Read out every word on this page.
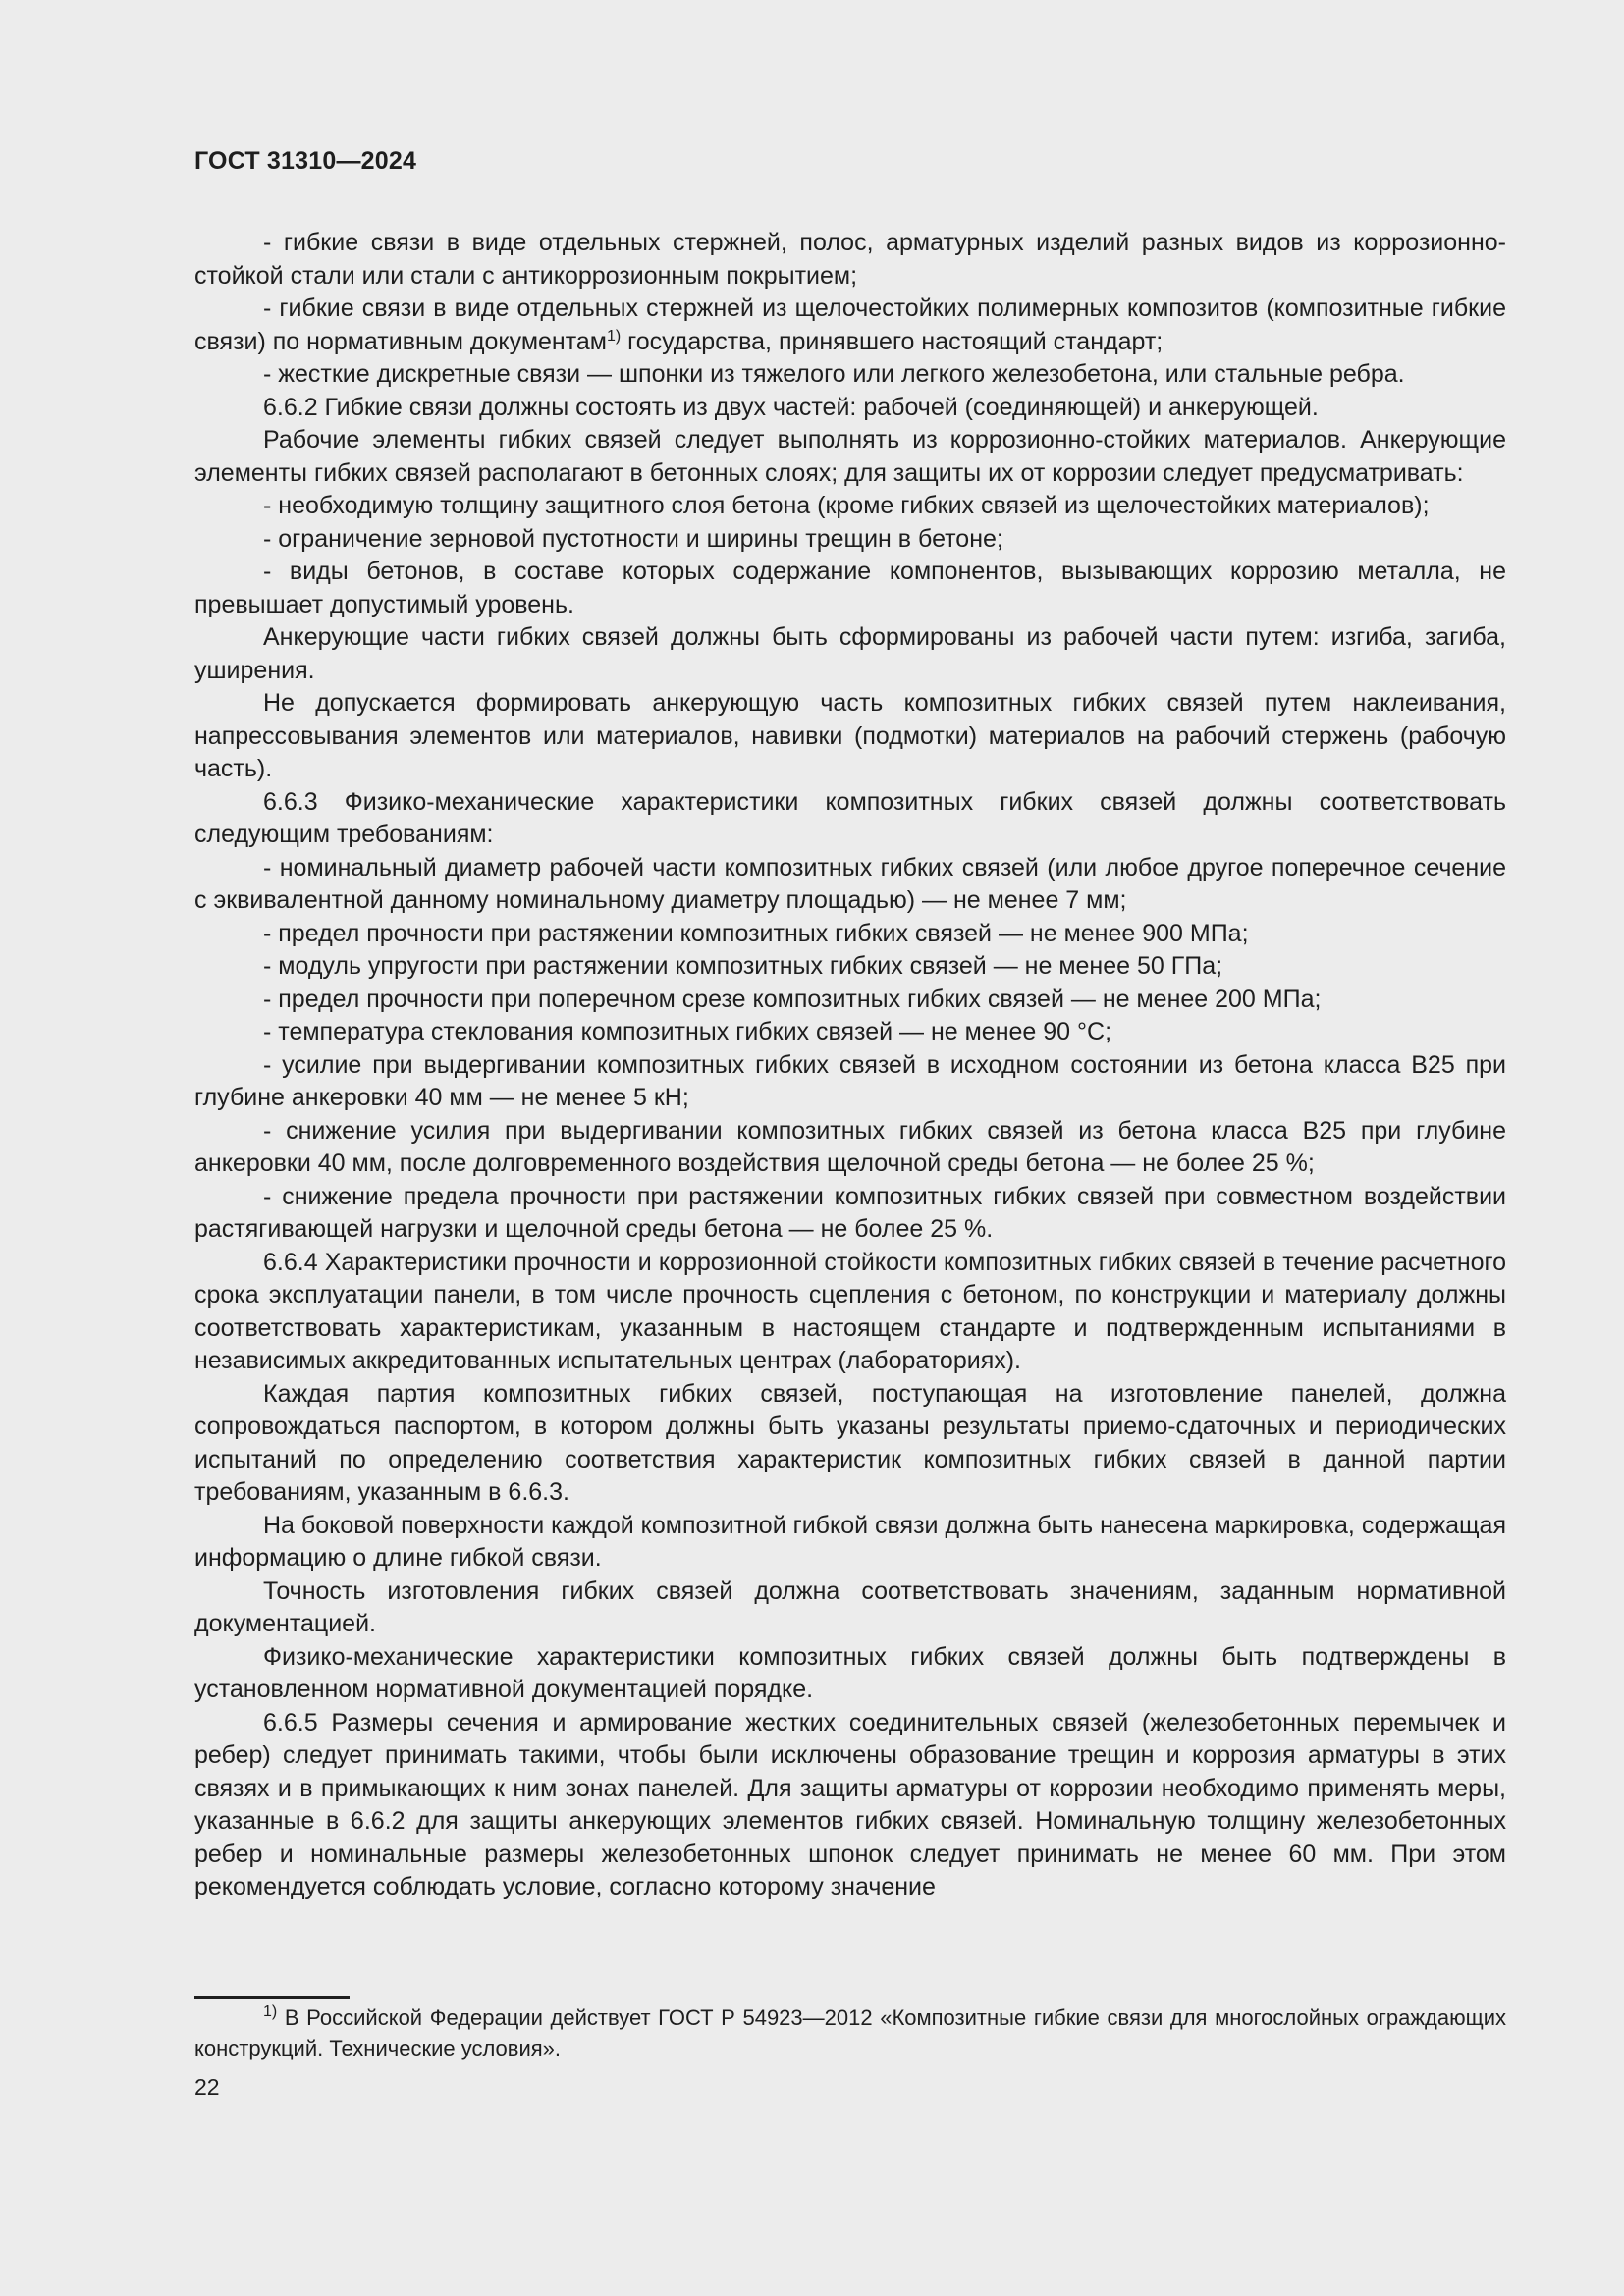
ГОСТ 31310—2024

- гибкие связи в виде отдельных стержней, полос, арматурных изделий разных видов из коррозионно-стойкой стали или стали с антикоррозионным покрытием;

- гибкие связи в виде отдельных стержней из щелочестойких полимерных композитов (композитные гибкие связи) по нормативным документам$^{1)}$ государства, принявшего настоящий стандарт;

- жесткие дискретные связи — шпонки из тяжелого или легкого железобетона, или стальные ребра.

6.6.2 Гибкие связи должны состоять из двух частей: рабочей (соединяющей) и анкерующей.

Рабочие элементы гибких связей следует выполнять из коррозионно-стойких материалов. Анкерующие элементы гибких связей располагают в бетонных слоях; для защиты их от коррозии следует предусматривать:

- необходимую толщину защитного слоя бетона (кроме гибких связей из щелочестойких материалов);

- ограничение зерновой пустотности и ширины трещин в бетоне;

- виды бетонов, в составе которых содержание компонентов, вызывающих коррозию металла, не превышает допустимый уровень.

Анкерующие части гибких связей должны быть сформированы из рабочей части путем: изгиба, загиба, уширения.

Не допускается формировать анкерующую часть композитных гибких связей путем наклеивания, напрессовывания элементов или материалов, навивки (подмотки) материалов на рабочий стержень (рабочую часть).

6.6.3 Физико-механические характеристики композитных гибких связей должны соответствовать следующим требованиям:

- номинальный диаметр рабочей части композитных гибких связей (или любое другое поперечное сечение с эквивалентной данному номинальному диаметру площадью) — не менее 7 мм;

- предел прочности при растяжении композитных гибких связей — не менее 900 МПа;

- модуль упругости при растяжении композитных гибких связей — не менее 50 ГПа;

- предел прочности при поперечном срезе композитных гибких связей — не менее 200 МПа;

- температура стеклования композитных гибких связей — не менее 90 °С;

- усилие при выдергивании композитных гибких связей в исходном состоянии из бетона класса В25 при глубине анкеровки 40 мм — не менее 5 кН;

- снижение усилия при выдергивании композитных гибких связей из бетона класса В25 при глубине анкеровки 40 мм, после долговременного воздействия щелочной среды бетона — не более 25 %;

- снижение предела прочности при растяжении композитных гибких связей при совместном воздействии растягивающей нагрузки и щелочной среды бетона — не более 25 %.

6.6.4 Характеристики прочности и коррозионной стойкости композитных гибких связей в течение расчетного срока эксплуатации панели, в том числе прочность сцепления с бетоном, по конструкции и материалу должны соответствовать характеристикам, указанным в настоящем стандарте и подтвержденным испытаниями в независимых аккредитованных испытательных центрах (лабораториях).

Каждая партия композитных гибких связей, поступающая на изготовление панелей, должна сопровождаться паспортом, в котором должны быть указаны результаты приемо-сдаточных и периодических испытаний по определению соответствия характеристик композитных гибких связей в данной партии требованиям, указанным в 6.6.3.

На боковой поверхности каждой композитной гибкой связи должна быть нанесена маркировка, содержащая информацию о длине гибкой связи.

Точность изготовления гибких связей должна соответствовать значениям, заданным нормативной документацией.

Физико-механические характеристики композитных гибких связей должны быть подтверждены в установленном нормативной документацией порядке.

6.6.5 Размеры сечения и армирование жестких соединительных связей (железобетонных перемычек и ребер) следует принимать такими, чтобы были исключены образование трещин и коррозия арматуры в этих связях и в примыкающих к ним зонах панелей. Для защиты арматуры от коррозии необходимо применять меры, указанные в 6.6.2 для защиты анкерующих элементов гибких связей. Номинальную толщину железобетонных ребер и номинальные размеры железобетонных шпонок следует принимать не менее 60 мм. При этом рекомендуется соблюдать условие, согласно которому значение

$^{1)}$ В Российской Федерации действует ГОСТ Р 54923—2012 «Композитные гибкие связи для многослойных ограждающих конструкций. Технические условия».

22
